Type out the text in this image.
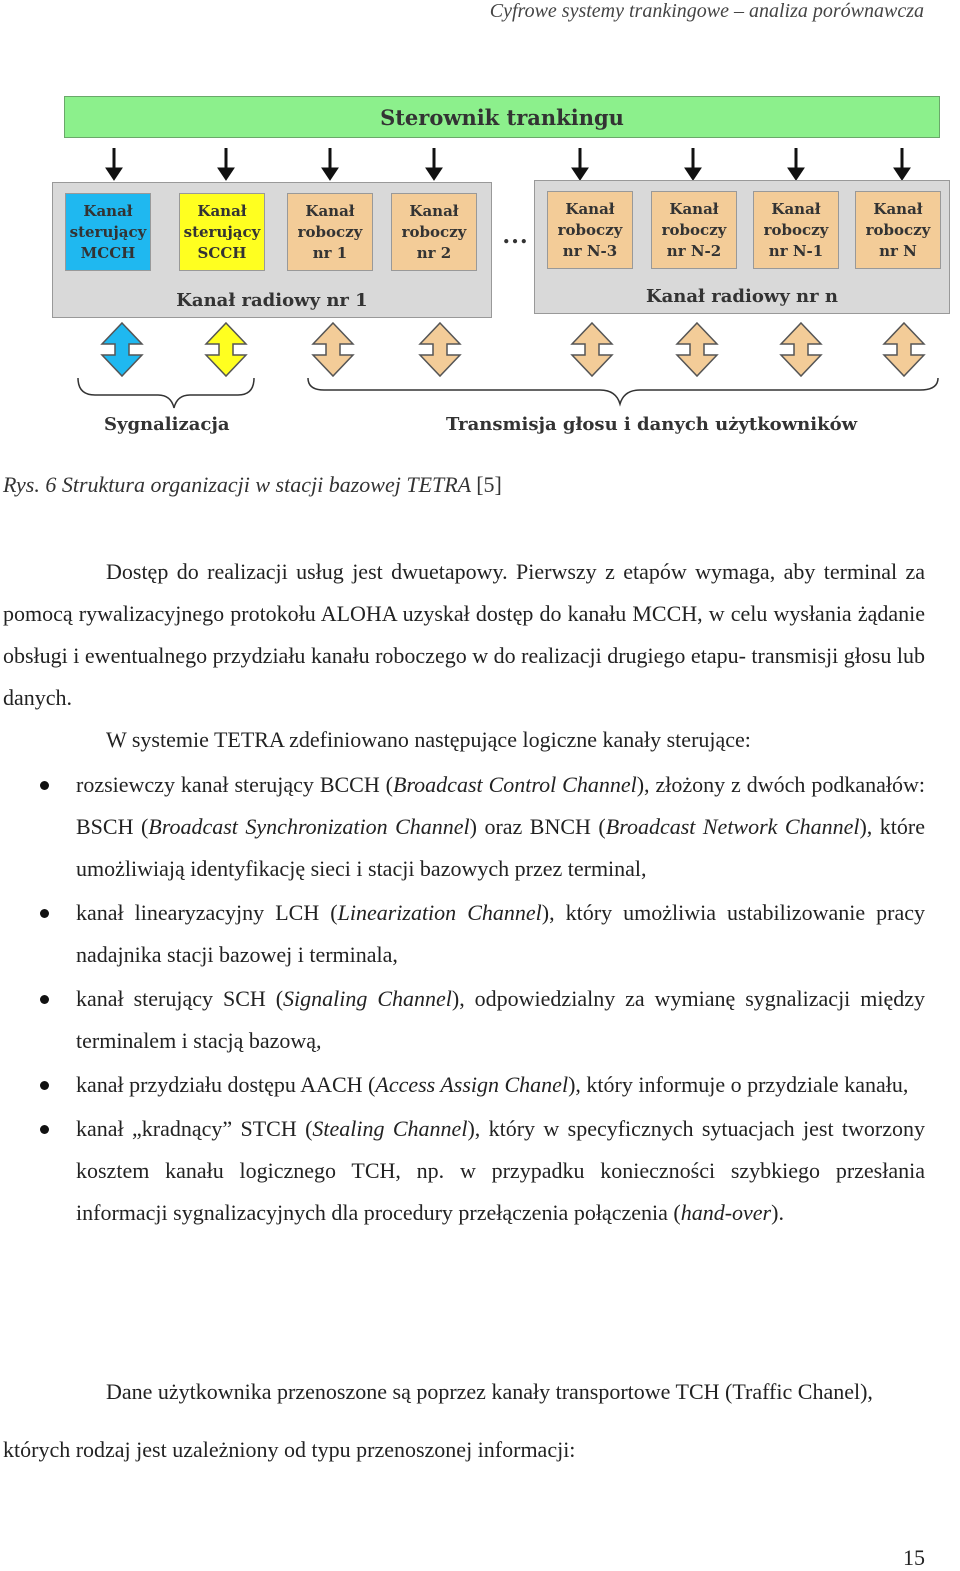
Cyfrowe systemy trankingowe – analiza porównawcza
Sterownik trankingu
Kanał
sterujący
MCCH
Kanał
sterujący
SCCH
Kanał
roboczy
nr 1
Kanał
roboczy
nr 2
Kanał radiowy nr 1
…
Kanał
roboczy
nr N-3
Kanał
roboczy
nr N-2
Kanał
roboczy
nr N-1
Kanał
roboczy
nr N
Kanał radiowy nr n
Sygnalizacja	Transmisja głosu i danych użytkowników
Rys. 6 Struktura organizacji w stacji bazowej TETRA [5]
Dostęp do realizacji usług jest dwuetapowy. Pierwszy z etapów wymaga, aby terminal za pomocą rywalizacyjnego protokołu ALOHA uzyskał dostęp do kanału MCCH, w celu wysłania żądanie obsługi i ewentualnego przydziału kanału roboczego w do realizacji drugiego etapu- transmisji głosu lub danych.
W systemie TETRA zdefiniowano następujące logiczne kanały sterujące:
rozsiewczy kanał sterujący BCCH (Broadcast Control Channel), złożony z dwóch podkanałów: BSCH (Broadcast Synchronization Channel) oraz BNCH (Broadcast Network Channel), które umożliwiają identyfikację sieci i stacji bazowych przez terminal,
kanał linearyzacyjny LCH (Linearization Channel), który umożliwia ustabilizowanie pracy nadajnika stacji bazowej i terminala,
kanał sterujący SCH (Signaling Channel), odpowiedzialny za wymianę sygnalizacji między terminalem i stacją bazową,
kanał przydziału dostępu AACH (Access Assign Chanel), który informuje o przydziale kanału,
kanał „kradnący” STCH (Stealing Channel), który w specyficznych sytuacjach jest tworzony kosztem kanału logicznego TCH, np. w przypadku konieczności szybkiego przesłania informacji sygnalizacyjnych dla procedury przełączenia połączenia (hand-over).
Dane użytkownika przenoszone są poprzez kanały transportowe TCH (Traffic Chanel),
których rodzaj jest uzależniony od typu przenoszonej informacji:
15
